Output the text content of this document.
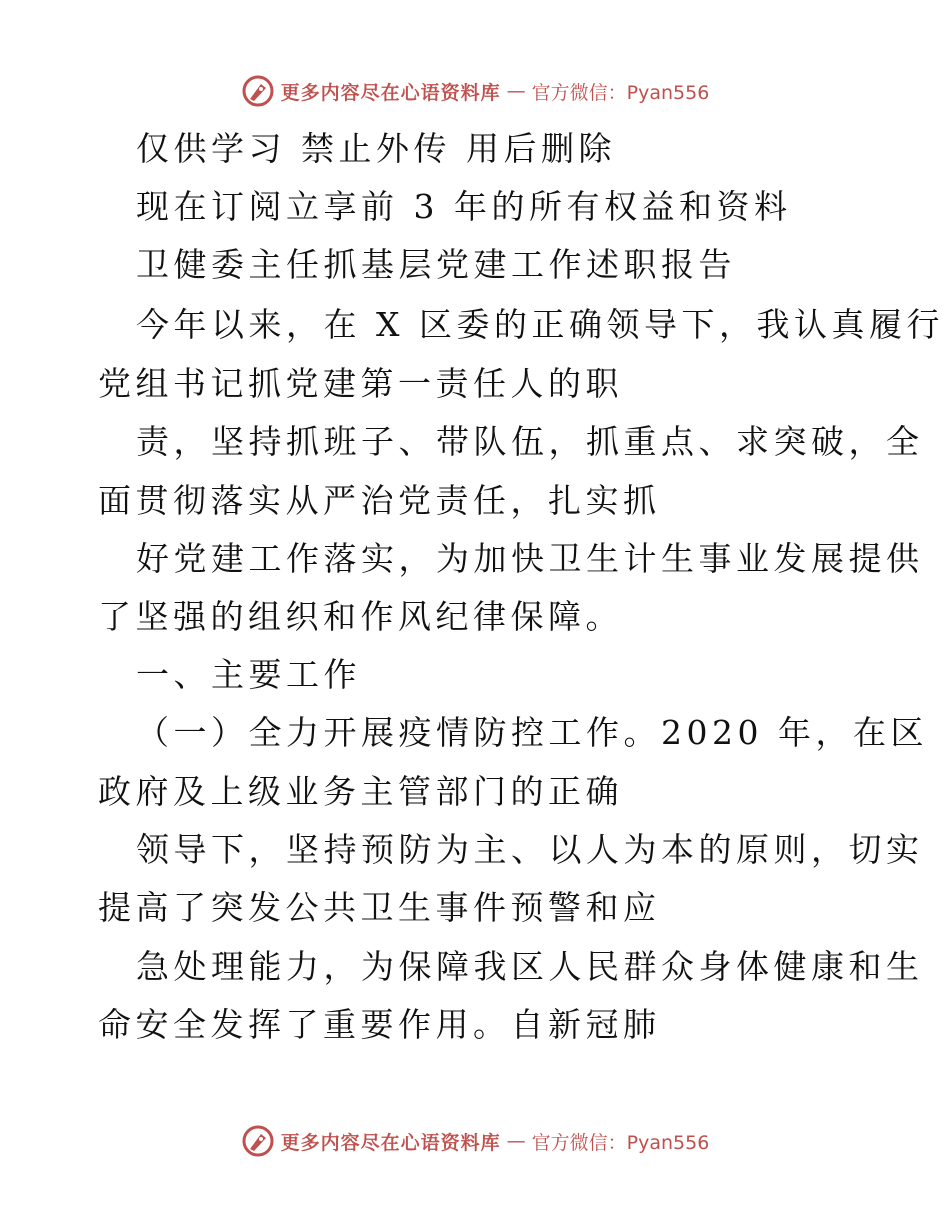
更多内容尽在心语资料库 — 官方微信：Pyan556
仅供学习 禁止外传 用后删除
现在订阅立享前 3 年的所有权益和资料
卫健委主任抓基层党建工作述职报告
今年以来，在 X 区委的正确领导下，我认真履行
党组书记抓党建第一责任人的职
责，坚持抓班子、带队伍，抓重点、求突破，全
面贯彻落实从严治党责任，扎实抓
好党建工作落实，为加快卫生计生事业发展提供
了坚强的组织和作风纪律保障。
一、主要工作
（一）全力开展疫情防控工作。2020 年，在区
政府及上级业务主管部门的正确
领导下，坚持预防为主、以人为本的原则，切实
提高了突发公共卫生事件预警和应
急处理能力，为保障我区人民群众身体健康和生
命安全发挥了重要作用。自新冠肺
更多内容尽在心语资料库 — 官方微信：Pyan556
